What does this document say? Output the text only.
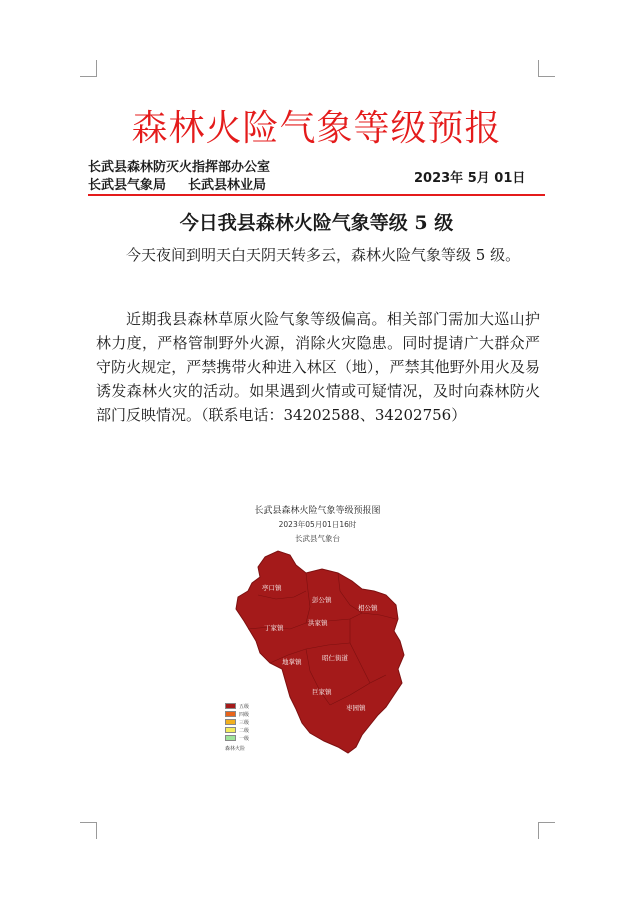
森林火险气象等级预报
长武县森林防灭火指挥部办公室
长武县气象局 长武县林业局	2023年 5月 01日
今日我县森林火险气象等级 5 级

今天夜间到明天白天阴天转多云，森林火险气象等级 5 级。

近期我县森林草原火险气象等级偏高。相关部门需加大巡山护林力度，严格管制野外火源，消除火灾隐患。同时提请广大群众严守防火规定，严禁携带火种进入林区（地），严禁其他野外用火及易诱发森林火灾的活动。如果遇到火情或可疑情况，及时向森林防火部门反映情况。（联系电话：34202588、34202756）

长武县森林火险气象等级预报图
2023年05月01日16时
长武县气象台
亭口镇
彭公镇
相公镇
丁家镇
洪家镇
地掌镇	昭仁街道
巨家镇
枣园镇
五级
四级
三级
二级
一级
森林火险
